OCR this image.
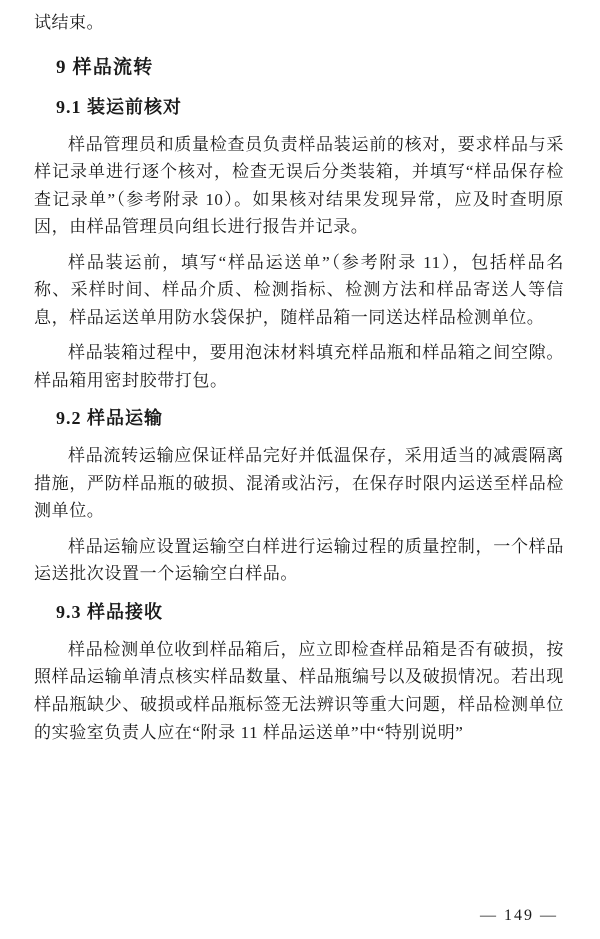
试结束。

9 样品流转
9.1 装运前核对

样品管理员和质量检查员负责样品装运前的核对，要求样品与采样记录单进行逐个核对，检查无误后分类装箱，并填写“样品保存检查记录单”（参考附录 10）。如果核对结果发现异常，应及时查明原因，由样品管理员向组长进行报告并记录。

样品装运前，填写“样品运送单”（参考附录 11），包括样品名称、采样时间、样品介质、检测指标、检测方法和样品寄送人等信息，样品运送单用防水袋保护，随样品箱一同送达样品检测单位。

样品装箱过程中，要用泡沫材料填充样品瓶和样品箱之间空隙。样品箱用密封胶带打包。

9.2 样品运输

样品流转运输应保证样品完好并低温保存，采用适当的减震隔离措施，严防样品瓶的破损、混淆或沾污，在保存时限内运送至样品检测单位。

样品运输应设置运输空白样进行运输过程的质量控制，一个样品运送批次设置一个运输空白样品。

9.3 样品接收

样品检测单位收到样品箱后，应立即检查样品箱是否有破损，按照样品运输单清点核实样品数量、样品瓶编号以及破损情况。若出现样品瓶缺少、破损或样品瓶标签无法辨识等重大问题，样品检测单位的实验室负责人应在“附录 11 样品运送单”中“特别说明”

— 149 —
